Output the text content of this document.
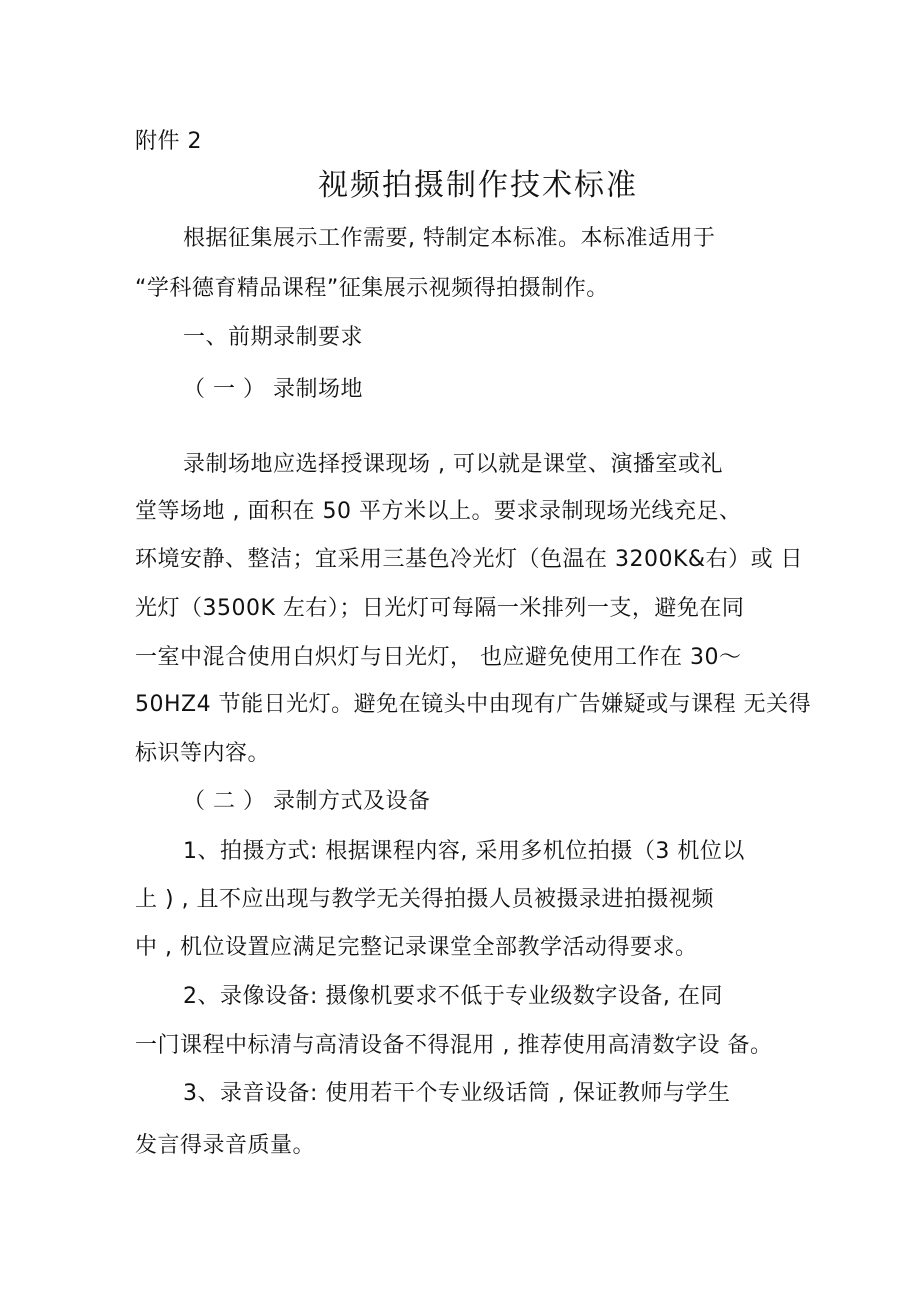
附件 2
视频拍摄制作技术标准
根据征集展示工作需要, 特制定本标准。本标准适用于
“学科德育精品课程”征集展示视频得拍摄制作。
一、前期录制要求
（ 一 ） 录制场地
录制场地应选择授课现场 , 可以就是课堂、演播室或礼
堂等场地 , 面积在 50 平方米以上。要求录制现场光线充足、
环境安静、整洁；宜采用三基色冷光灯（色温在 3200K&右）或 日
光灯（3500K 左右）；日光灯可每隔一米排列一支，避免在同
一室中混合使用白炽灯与日光灯， 也应避免使用工作在 30～
50HZ4 节能日光灯。避免在镜头中由现有广告嫌疑或与课程 无关得
标识等内容。
（ 二 ） 录制方式及设备
1、拍摄方式: 根据课程内容, 采用多机位拍摄（3 机位以
上 ) , 且不应出现与教学无关得拍摄人员被摄录进拍摄视频
中 , 机位设置应满足完整记录课堂全部教学活动得要求。
2、录像设备: 摄像机要求不低于专业级数字设备, 在同
一门课程中标清与高清设备不得混用 , 推荐使用高清数字设 备。
3、录音设备: 使用若干个专业级话筒 , 保证教师与学生
发言得录音质量。
